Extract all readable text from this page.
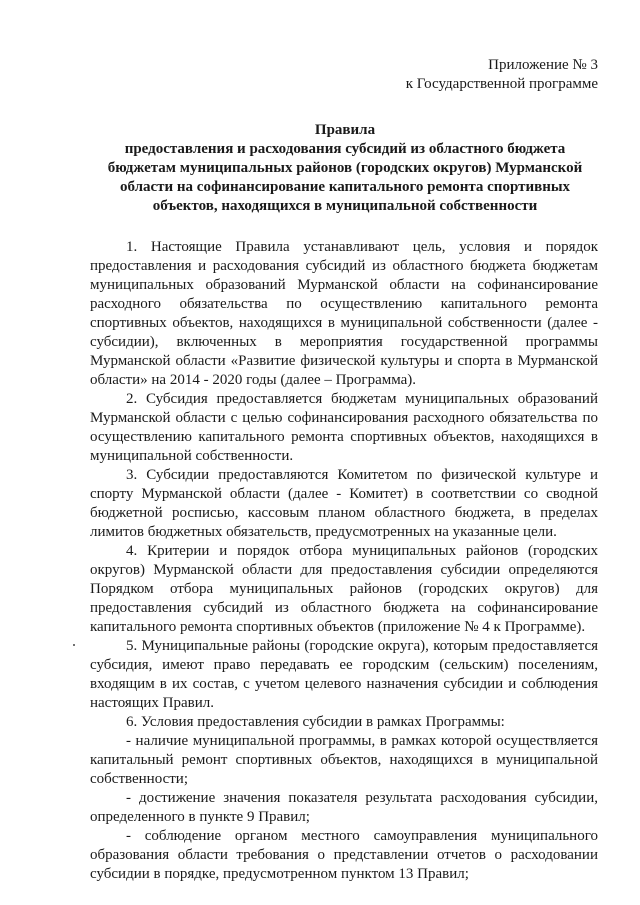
Приложение № 3
к Государственной программе
Правила
предоставления и расходования субсидий из областного бюджета
бюджетам муниципальных районов (городских округов) Мурманской
области на софинансирование капитального ремонта спортивных
объектов, находящихся в муниципальной собственности

1. Настоящие Правила устанавливают цель, условия и порядок предоставления и расходования субсидий из областного бюджета бюджетам муниципальных образований Мурманской области на софинансирование расходного обязательства по осуществлению капитального ремонта спортивных объектов, находящихся в муниципальной собственности (далее - субсидии), включенных в мероприятия государственной программы Мурманской области «Развитие физической культуры и спорта в Мурманской области» на 2014 - 2020 годы (далее – Программа).

2. Субсидия предоставляется бюджетам муниципальных образований Мурманской области с целью софинансирования расходного обязательства по осуществлению капитального ремонта спортивных объектов, находящихся в муниципальной собственности.

3. Субсидии предоставляются Комитетом по физической культуре и спорту Мурманской области (далее - Комитет) в соответствии со сводной бюджетной росписью, кассовым планом областного бюджета, в пределах лимитов бюджетных обязательств, предусмотренных на указанные цели.

4. Критерии и порядок отбора муниципальных районов (городских округов) Мурманской области для предоставления субсидии определяются Порядком отбора муниципальных районов (городских округов) для предоставления субсидий из областного бюджета на софинансирование капитального ремонта спортивных объектов (приложение № 4 к Программе).

5. Муниципальные районы (городские округа), которым предоставляется субсидия, имеют право передавать ее городским (сельским) поселениям, входящим в их состав, с учетом целевого назначения субсидии и соблюдения настоящих Правил.

6. Условия предоставления субсидии в рамках Программы:

- наличие муниципальной программы, в рамках которой осуществляется капитальный ремонт спортивных объектов, находящихся в муниципальной собственности;

- достижение значения показателя результата расходования субсидии, определенного в пункте 9 Правил;

- соблюдение органом местного самоуправления муниципального образования области требования о представлении отчетов о расходовании субсидии в порядке, предусмотренном пунктом 13 Правил;
